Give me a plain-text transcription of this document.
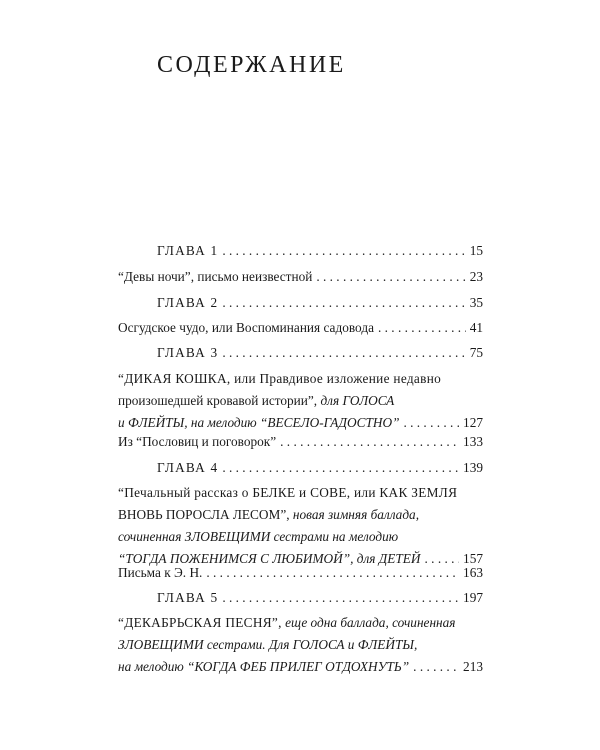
СОДЕРЖАНИЕ
ГЛАВА 1 . . .	15
“Девы ночи”, письмо неизвестной . . .	23
ГЛАВА 2 . . .	35
Осгудское чудо, или Воспоминания садовода . . .	41
ГЛАВА 3 . . .	75
“ДИКАЯ КОШКА, или Правдивое изложение недавно
произошедшей кровавой истории”,
для ГОЛОСА
и ФЛЕЙТЫ, на мелодию “ВЕСЕЛО-ГАДОСТНО” . . .	127
Из “Пословиц и поговорок” . . .	133
ГЛАВА 4 . . .	139
“Печальный рассказ о БЕЛКЕ и СОВЕ, или КАК ЗЕМЛЯ
ВНОВЬ ПОРОСЛА ЛЕСОМ”,
новая зимняя баллада,
сочиненная ЗЛОВЕЩИМИ сестрами на мелодию
“ТОГДА ПОЖЕНИМСЯ С ЛЮБИМОЙ”, для ДЕТЕЙ . . .	157
Письма к Э. Н. . . .	163
ГЛАВА 5 . . .	197
“ДЕКАБРЬСКАЯ ПЕСНЯ”,
еще одна баллада, сочиненная
ЗЛОВЕЩИМИ сестрами. Для ГОЛОСА и ФЛЕЙТЫ,
на мелодию “КОГДА ФЕБ ПРИЛЕГ ОТДОХНУТЬ” . . .	213
